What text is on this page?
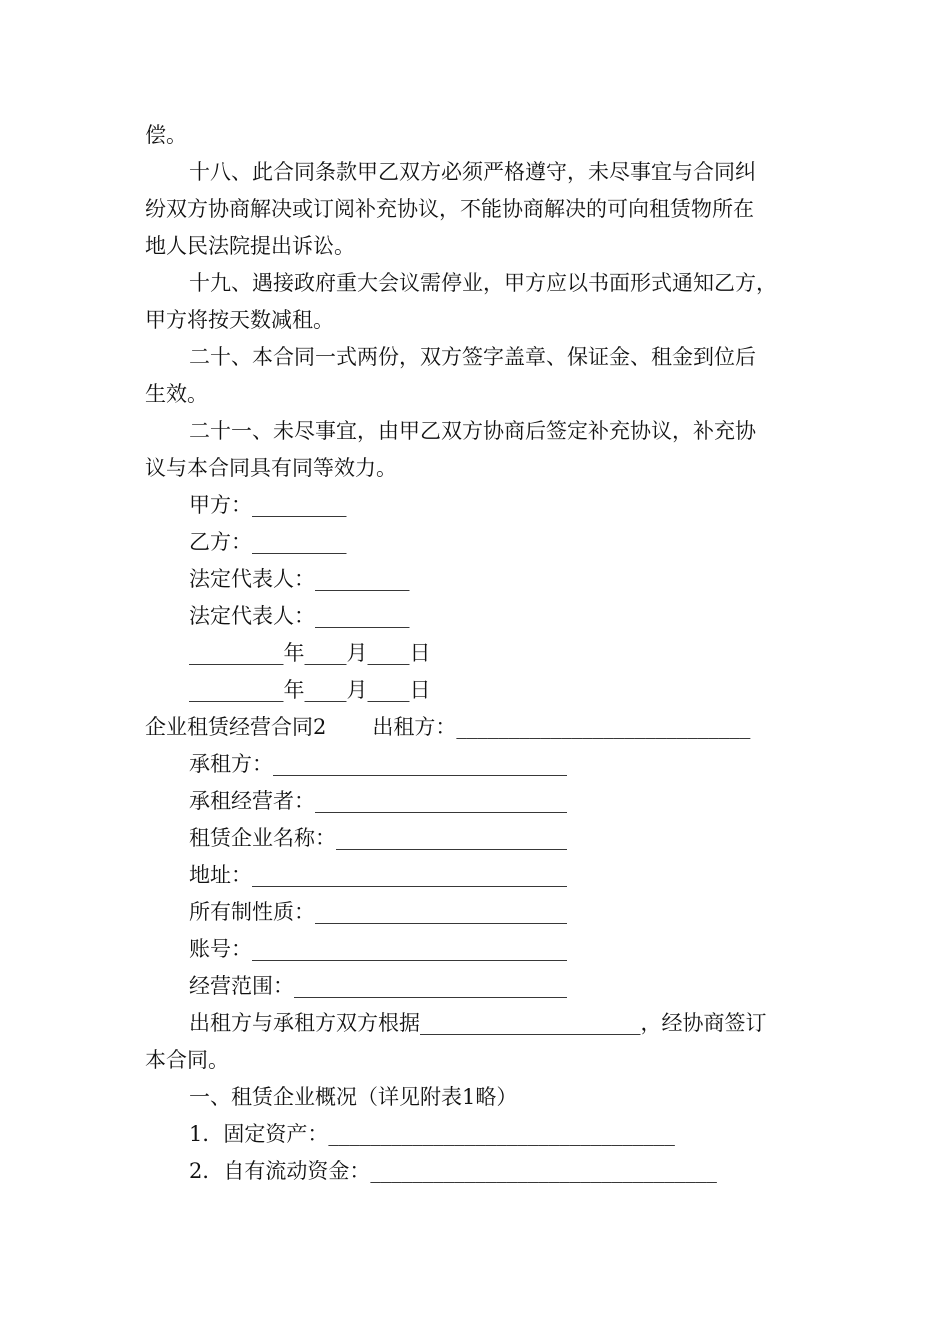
偿。
十八、此合同条款甲乙双方必须严格遵守，未尽事宜与合同纠
纷双方协商解决或订阅补充协议，不能协商解决的可向租赁物所在
地人民法院提出诉讼。
十九、遇接政府重大会议需停业，甲方应以书面形式通知乙方，
甲方将按天数减租。
二十、本合同一式两份，双方签字盖章、保证金、租金到位后
生效。
二十一、未尽事宜，由甲乙双方协商后签定补充协议，补充协
议与本合同具有同等效力。
甲方：_________
乙方：_________
法定代表人：_________
法定代表人：_________
_________年____月____日
_________年____月____日
企业租赁经营合同2 出租方：____________________________
承租方：____________________________
承租经营者：________________________
租赁企业名称：______________________
地址：______________________________
所有制性质：________________________
账号：______________________________
经营范围：__________________________
出租方与承租方双方根据_____________________，经协商签订
本合同。
一、租赁企业概况（详见附表1略）
1．固定资产：_________________________________
2．自有流动资金：_________________________________
